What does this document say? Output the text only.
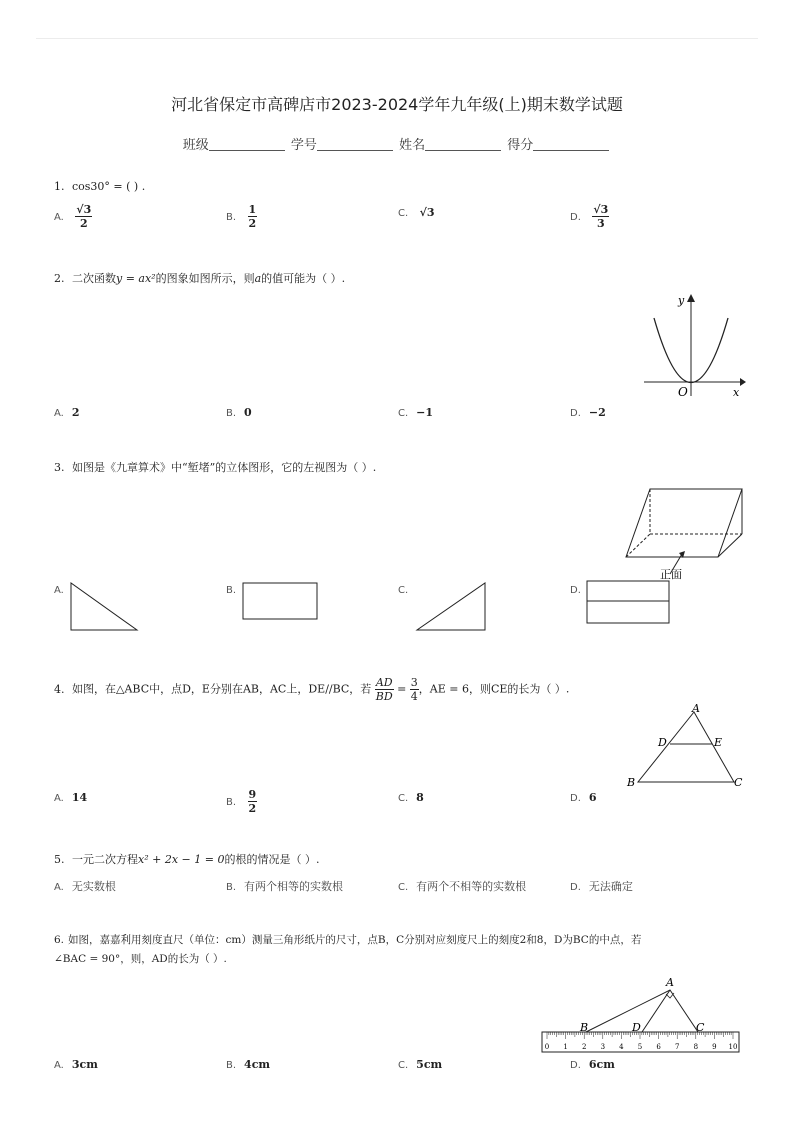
河北省保定市高碑店市2023-2024学年九年级(上)期末数学试题
班级	学号	姓名	得分
1. cos30° = ( ) .
A. $\frac{√3}{2}$	B. $\frac{1}{2}$	C. √3	D. $\frac{√3}{3}$
2. 二次函数y = ax²的图象如图所示，则a的值可能为（ ）.
y
x
O
A. 2	B. 0	C. −1	D. −2
3. 如图是《九章算术》中“堑堵”的立体图形，它的左视图为（ ）.
正面
A.	B.	C.	D.
4. 如图，在△ABC中，点D，E分别在AB，AC上，DE//BC，若 $\frac{AD}{BD} = \frac{3}{4}$ ，AE = 6，则CE的长为（ ）.
A
D	E
B	C
A. 14	B. $\frac{9}{2}$	C. 8	D. 6
5. 一元二次方程x² + 2x − 1 = 0的根的情况是（ ）.
A. 无实数根	B. 有两个相等的实数根	C. 有两个不相等的实数根	D. 无法确定
6. 如图，嘉嘉利用刻度直尺（单位：cm）测量三角形纸片的尺寸，点B，C分别对应刻度尺上的刻度2和8，D为BC的中点，若
∠BAC = 90°，则，AD的长为（ ）.
0 1 2 3 4 5 6 7 8 9 10
A
B	D	C
A. 3cm	B. 4cm	C. 5cm	D. 6cm
